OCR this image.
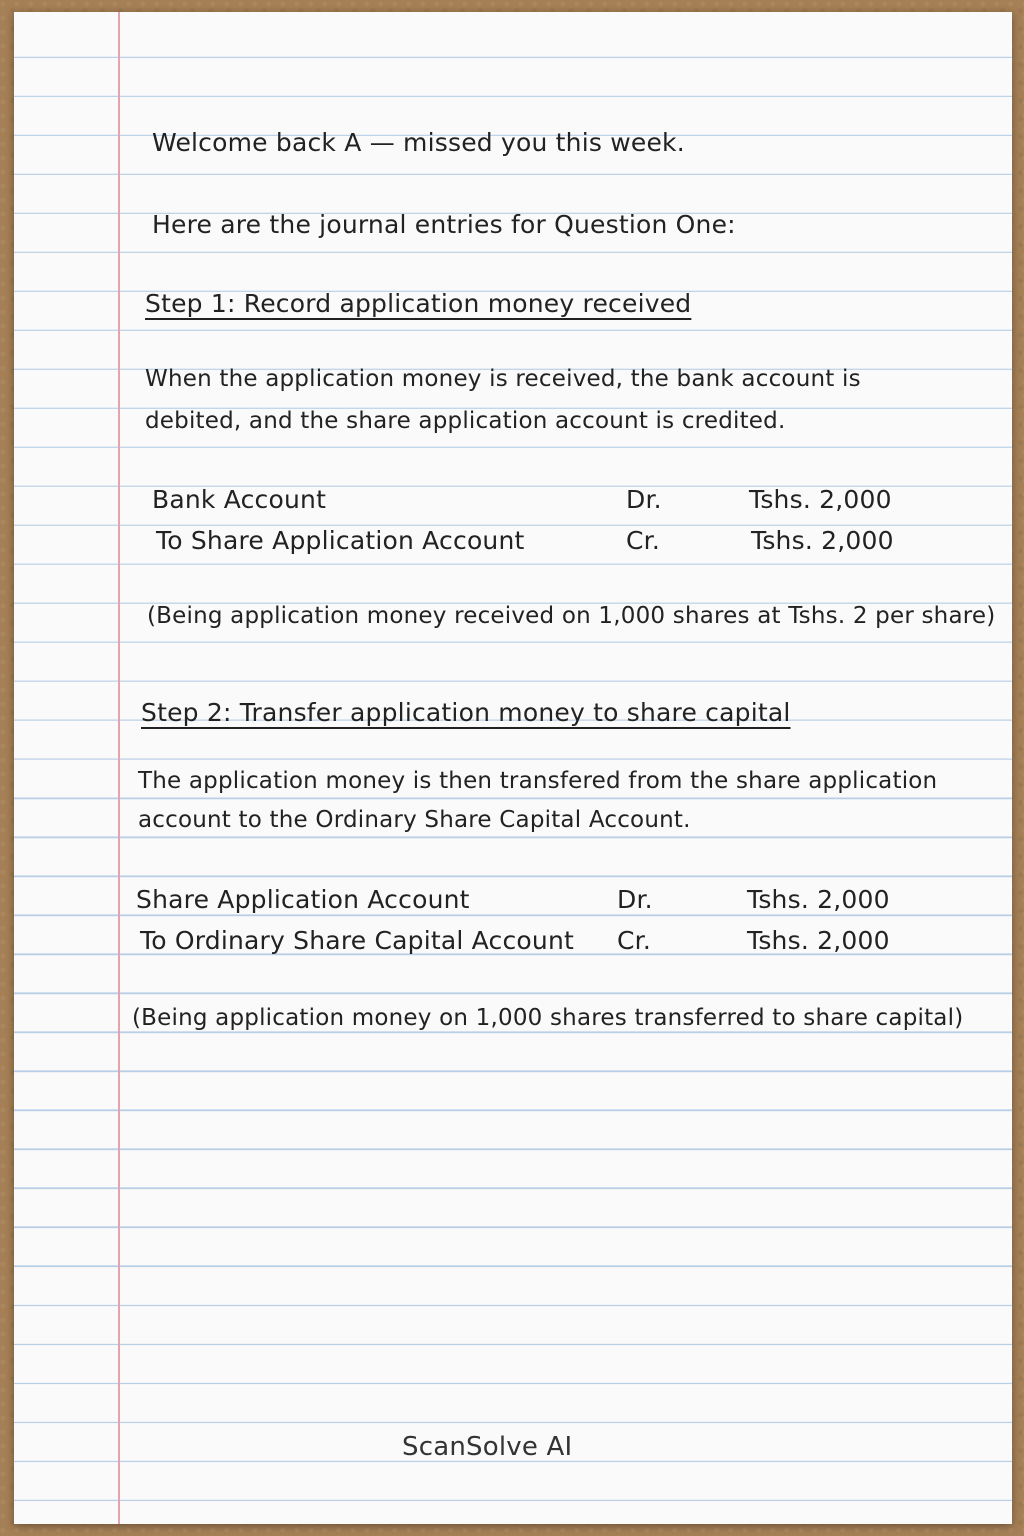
Welcome back A — missed you this week.
Here are the journal entries for Question One:
Step 1: Record application money received
When the application money is received, the bank account is
debited, and the share application account is credited.
Bank Account	Dr.	Tshs. 2,000
To Share Application Account	Cr.	Tshs. 2,000
(Being application money received on 1,000 shares at Tshs. 2 per share)
Step 2: Transfer application money to share capital
The application money is then transfered from the share application
account to the Ordinary Share Capital Account.
Share Application Account	Dr.	Tshs. 2,000
To Ordinary Share Capital Account Cr.	Tshs. 2,000
(Being application money on 1,000 shares transferred to share capital)
ScanSolve AI
